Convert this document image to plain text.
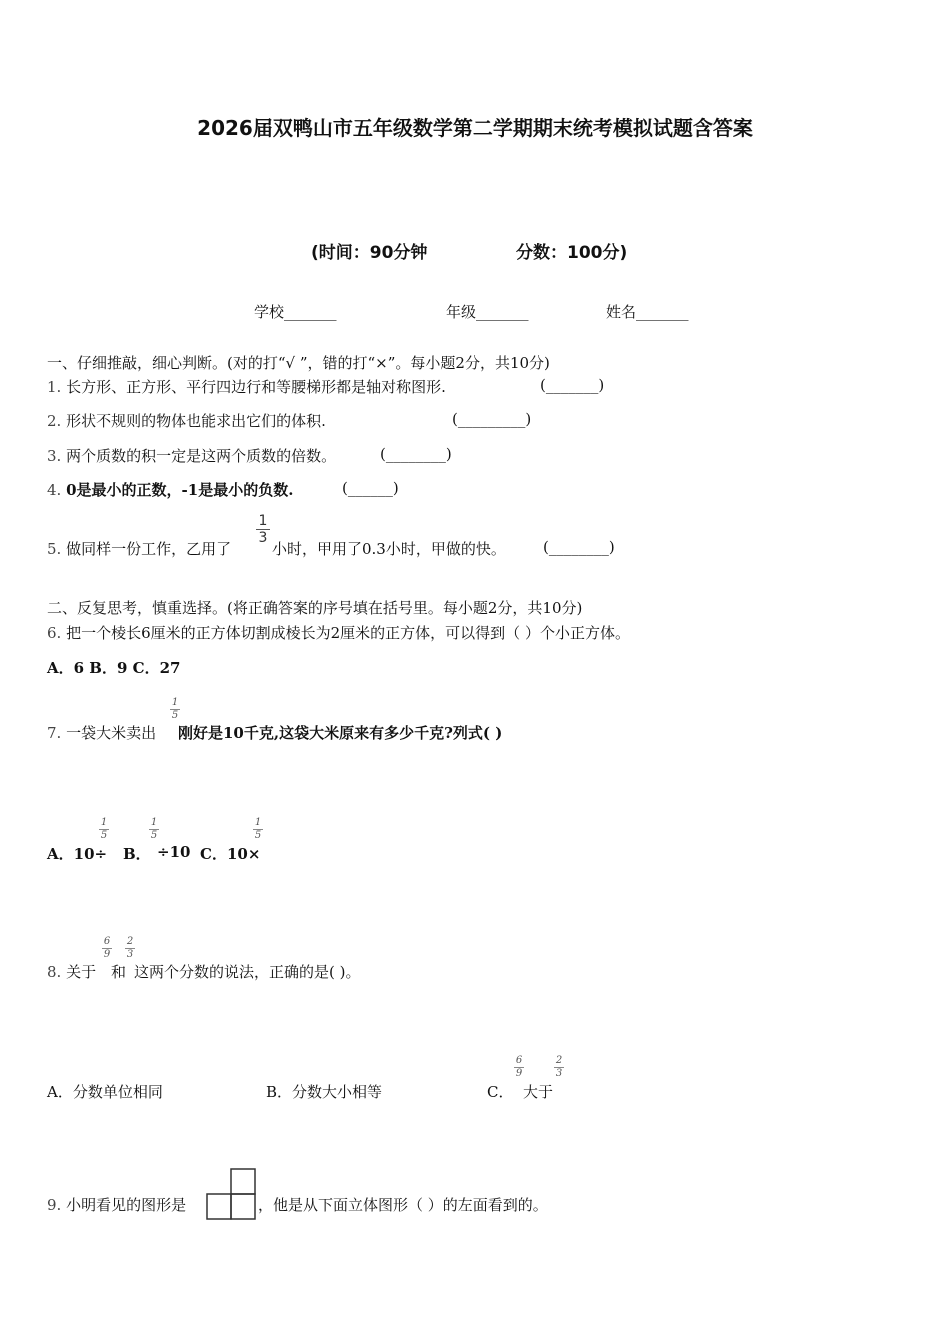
2026届双鸭山市五年级数学第二学期期末统考模拟试题含答案
(时间：90分钟	分数：100分)
学校_______	年级_______	姓名_______
一、仔细推敲，细心判断。(对的打“√ ”，错的打“×”。每小题2分，共10分)
1. 长方形、正方形、平行四边行和等腰梯形都是轴对称图形.	(_______)
2. 形状不规则的物体也能求出它们的体积.	(_________)
3. 两个质数的积一定是这两个质数的倍数。	(________)
4. 0是最小的正数，-1是最小的负数.	(______)
5. 做同样一份工作，乙用了
1
3
小时，甲用了0.3小时，甲做的快。 (________)
二、反复思考，慎重选择。(将正确答案的序号填在括号里。每小题2分，共10分)
6. 把一个棱长6厘米的正方体切割成棱长为2厘米的正方体，可以得到（ ）个小正方体。
A．6 B．9 C．27
7. 一袋大米卖出
1
5
刚好是10千克,这袋大米原来有多少千克?列式( )
A．10÷
1
5
B．
1
5
÷10 C．10×
1
5
8. 关于
6
9
和
2
3
这两个分数的说法，正确的是( )。
A．分数单位相同	B．分数大小相等	C．
6
9
大于
2
3
9. 小明看见的图形是	，他是从下面立体图形（ ）的左面看到的。
